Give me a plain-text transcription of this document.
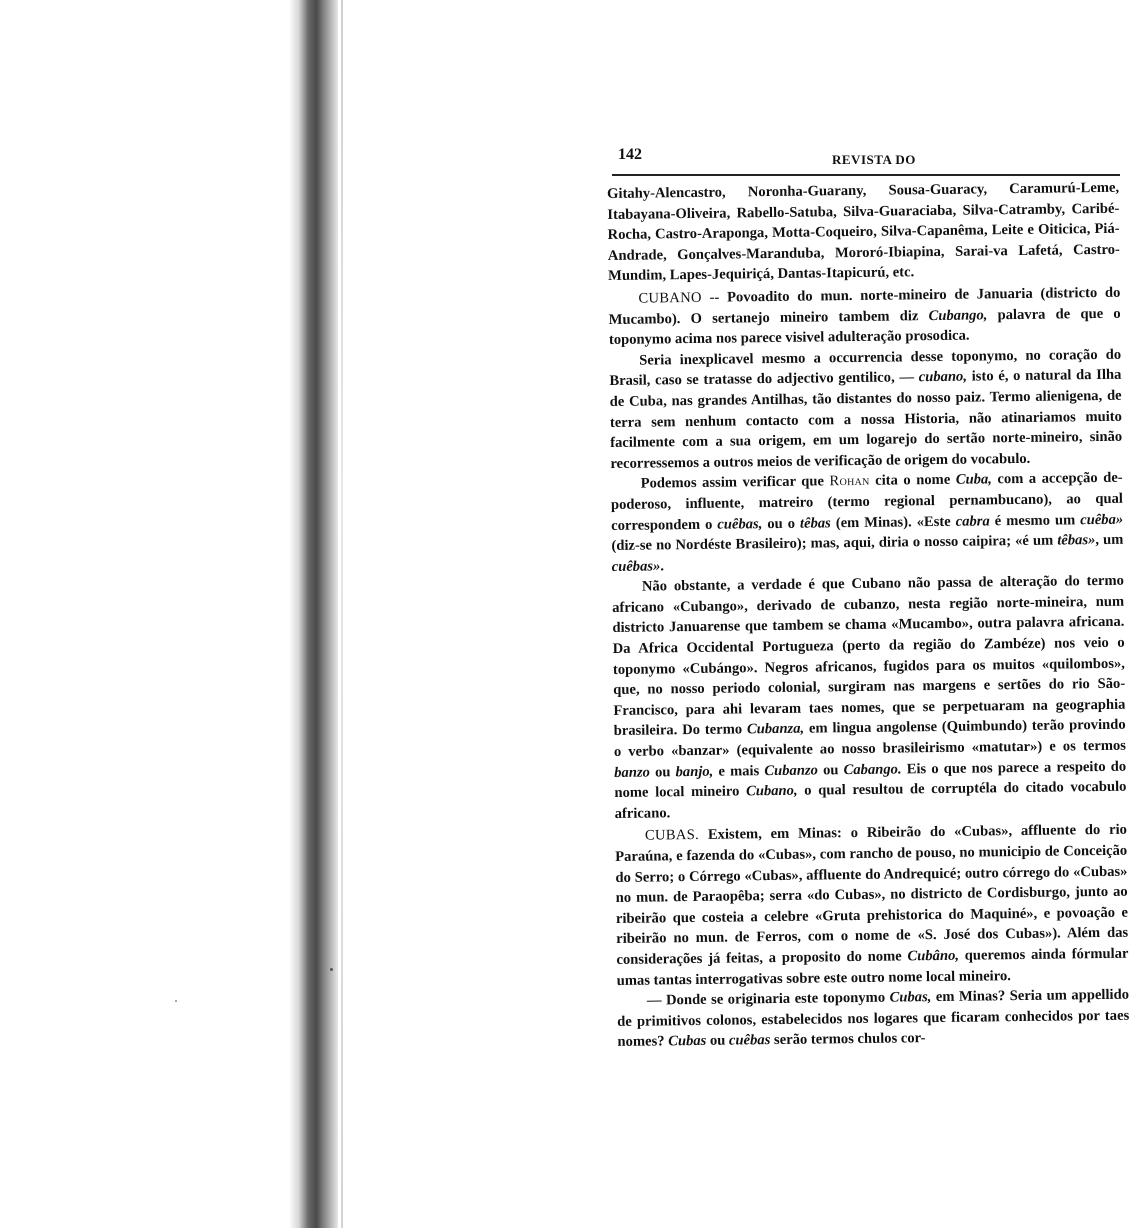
142	REVISTA DO

Gitahy-Alencastro, Noronha-Guarany, Sousa-Guaracy, Caramurú-Leme, Itabayana-Oliveira, Rabello-Satuba, Silva-Guaraciaba, Silva-Catramby, Caribé-Rocha, Castro-Araponga, Motta-Coqueiro, Silva-Capanêma, Leite e Oiticica, Piá-Andrade, Gonçalves-Maranduba, Mororó-Ibiapina, Sarai-va Lafetá, Castro-Mundim, Lapes-Jequiriçá, Dantas-Itapicurú, etc.

CUBANO -- Povoadito do mun. norte-mineiro de Januaria (districto do Mucambo). O sertanejo mineiro tambem diz Cubango, palavra de que o toponymo acima nos parece visivel adulteração prosodica.

Seria inexplicavel mesmo a occurrencia desse toponymo, no coração do Brasil, caso se tratasse do adjectivo gentilico, — cubano, isto é, o natural da Ilha de Cuba, nas grandes Antilhas, tão distantes do nosso paiz. Termo alienigena, de terra sem nenhum contacto com a nossa Historia, não atinariamos muito facilmente com a sua origem, em um logarejo do sertão norte-mineiro, sinão recorressemos a outros meios de verificação de origem do vocabulo.

Podemos assim verificar que Rohan cita o nome Cuba, com a accepção de-poderoso, influente, matreiro (termo regional pernambucano), ao qual correspondem o cuêbas, ou o têbas (em Minas). «Este cabra é mesmo um cuêba» (diz-se no Nordéste Brasileiro); mas, aqui, diria o nosso caipira; «é um têbas», um cuêbas».

Não obstante, a verdade é que Cubano não passa de alteração do termo africano «Cubango», derivado de cubanzo, nesta região norte-mineira, num districto Januarense que tambem se chama «Mucambo», outra palavra africana. Da Africa Occidental Portugueza (perto da região do Zambéze) nos veio o toponymo «Cubángo». Negros africanos, fugidos para os muitos «quilombos», que, no nosso periodo colonial, surgiram nas margens e sertões do rio São-Francisco, para ahi levaram taes nomes, que se perpetuaram na geographia brasileira. Do termo Cubanza, em lingua angolense (Quimbundo) terão provindo o verbo «banzar» (equivalente ao nosso brasileirismo «matutar») e os termos banzo ou banjo, e mais Cubanzo ou Cabango. Eis o que nos parece a respeito do nome local mineiro Cubano, o qual resultou de corruptéla do citado vocabulo africano.

CUBAS. Existem, em Minas: o Ribeirão do «Cubas», affluente do rio Paraúna, e fazenda do «Cubas», com rancho de pouso, no municipio de Conceição do Serro; o Córrego «Cubas», affluente do Andrequicé; outro córrego do «Cubas» no mun. de Paraopêba; serra «do Cubas», no districto de Cordisburgo, junto ao ribeirão que costeia a celebre «Gruta prehistorica do Maquiné», e povoação e ribeirão no mun. de Ferros, com o nome de «S. José dos Cubas»). Além das considerações já feitas, a proposito do nome Cubâno, queremos ainda fórmular umas tantas interrogativas sobre este outro nome local mineiro.

— Donde se originaria este toponymo Cubas, em Minas? Seria um appellido de primitivos colonos, estabelecidos nos logares que ficaram conhecidos por taes nomes? Cubas ou cuêbas serão termos chulos cor-
